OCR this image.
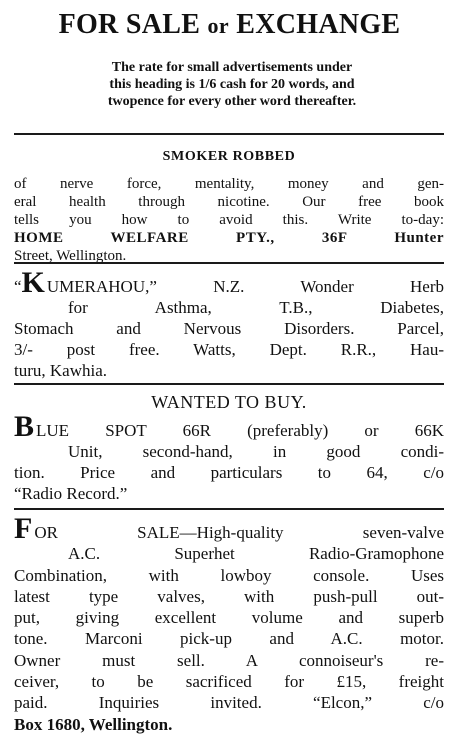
FOR SALE or EXCHANGE
The rate for small advertisements under
this heading is 1/6 cash for 20 words, and
twopence for every other word thereafter.
SMOKER ROBBED
of nerve force, mentality, money and gen-
eral health through nicotine. Our free book
tells you how to avoid this. Write to-day:
HOME WELFARE PTY., 36F Hunter
Street, Wellington.
“K UMERAHOU,” N.Z. Wonder Herb
for Asthma, T.B., Diabetes,
Stomach and Nervous Disorders. Parcel,
3/- post free. Watts, Dept. R.R., Hau-
turu, Kawhia.
WANTED TO BUY.
BLUE SPOT 66R (preferably) or 66K
Unit, second-hand, in good condi-
tion. Price and particulars to 64, c/o
“Radio Record.”
FOR SALE—High-quality seven-valve
A.C. Superhet Radio-Gramophone
Combination, with lowboy console. Uses
latest type valves, with push-pull out-
put, giving excellent volume and superb
tone. Marconi pick-up and A.C. motor.
Owner must sell. A connoiseur's re-
ceiver, to be sacrificed for £15, freight
paid. Inquiries invited. “Elcon,” c/o
Box 1680, Wellington.
